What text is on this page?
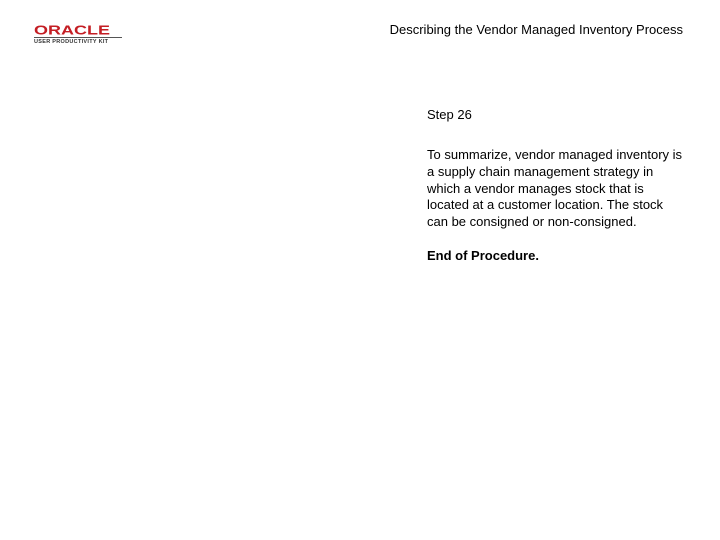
ORACLE
USER PRODUCTIVITY KIT
Describing the Vendor Managed Inventory Process

Step 26

To summarize, vendor managed inventory is a supply chain management strategy in which a vendor manages stock that is located at a customer location. The stock can be consigned or non-consigned.

End of Procedure.
